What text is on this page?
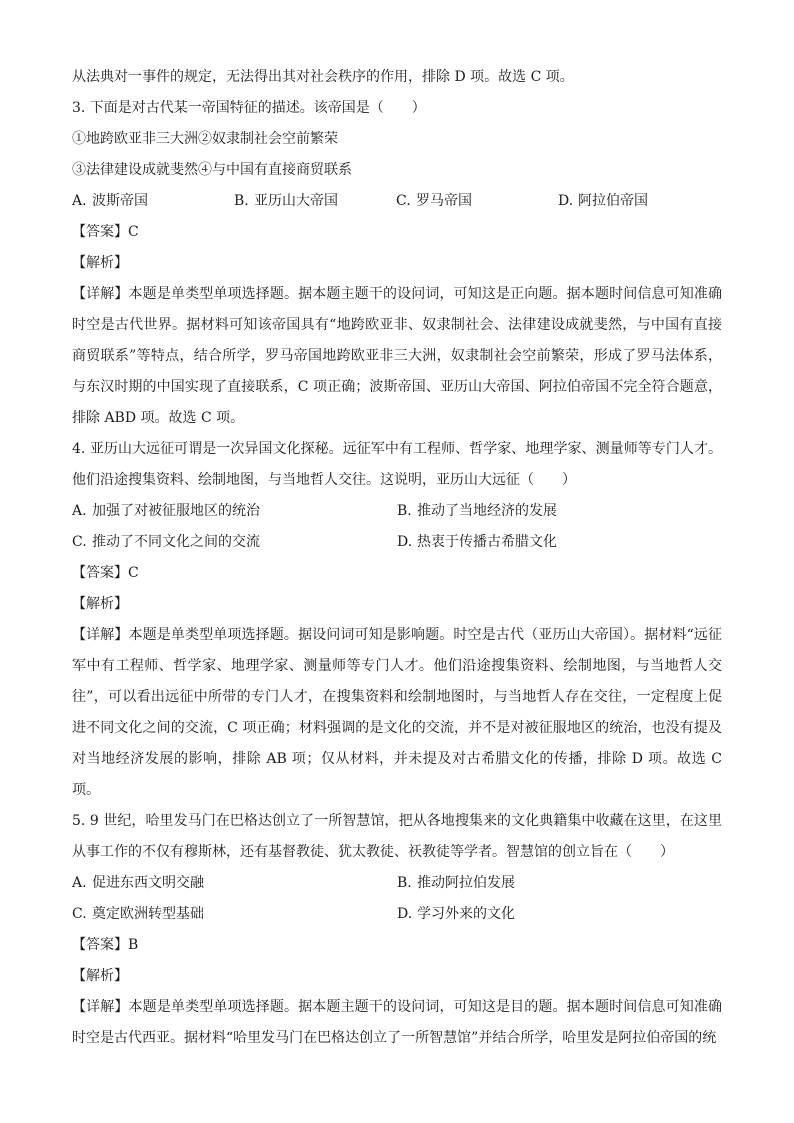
从法典对一事件的规定，无法得出其对社会秩序的作用，排除 D 项。故选 C 项。
3. 下面是对古代某一帝国特征的描述。该帝国是（　　）
①地跨欧亚非三大洲②奴隶制社会空前繁荣
③法律建设成就斐然④与中国有直接商贸联系
A. 波斯帝国	B. 亚历山大帝国	C. 罗马帝国	D. 阿拉伯帝国
【答案】C
【解析】
【详解】本题是单类型单项选择题。据本题主题干的设问词，可知这是正向题。据本题时间信息可知准确时空是古代世界。据材料可知该帝国具有“地跨欧亚非、奴隶制社会、法律建设成就斐然，与中国有直接商贸联系”等特点，结合所学，罗马帝国地跨欧亚非三大洲，奴隶制社会空前繁荣，形成了罗马法体系，与东汉时期的中国实现了直接联系，C 项正确；波斯帝国、亚历山大帝国、阿拉伯帝国不完全符合题意，排除 ABD 项。故选 C 项。
4. 亚历山大远征可谓是一次异国文化探秘。远征军中有工程师、哲学家、地理学家、测量师等专门人才。他们沿途搜集资料、绘制地图，与当地哲人交往。这说明，亚历山大远征（　　）
A. 加强了对被征服地区的统治	B. 推动了当地经济的发展
C. 推动了不同文化之间的交流	D. 热衷于传播古希腊文化
【答案】C
【解析】
【详解】本题是单类型单项选择题。据设问词可知是影响题。时空是古代（亚历山大帝国）。据材料“远征军中有工程师、哲学家、地理学家、测量师等专门人才。他们沿途搜集资料、绘制地图，与当地哲人交往”，可以看出远征中所带的专门人才，在搜集资料和绘制地图时，与当地哲人存在交往，一定程度上促进不同文化之间的交流，C 项正确；材料强调的是文化的交流，并不是对被征服地区的统治，也没有提及对当地经济发展的影响，排除 AB 项；仅从材料，并未提及对古希腊文化的传播，排除 D 项。故选 C 项。
5. 9 世纪，哈里发马门在巴格达创立了一所智慧馆，把从各地搜集来的文化典籍集中收藏在这里，在这里从事工作的不仅有穆斯林，还有基督教徒、犹太教徒、祆教徒等学者。智慧馆的创立旨在（　　）
A. 促进东西文明交融	B. 推动阿拉伯发展
C. 奠定欧洲转型基础	D. 学习外来的文化
【答案】B
【解析】
【详解】本题是单类型单项选择题。据本题主题干的设问词，可知这是目的题。据本题时间信息可知准确时空是古代西亚。据材料“哈里发马门在巴格达创立了一所智慧馆”并结合所学，哈里发是阿拉伯帝国的统
